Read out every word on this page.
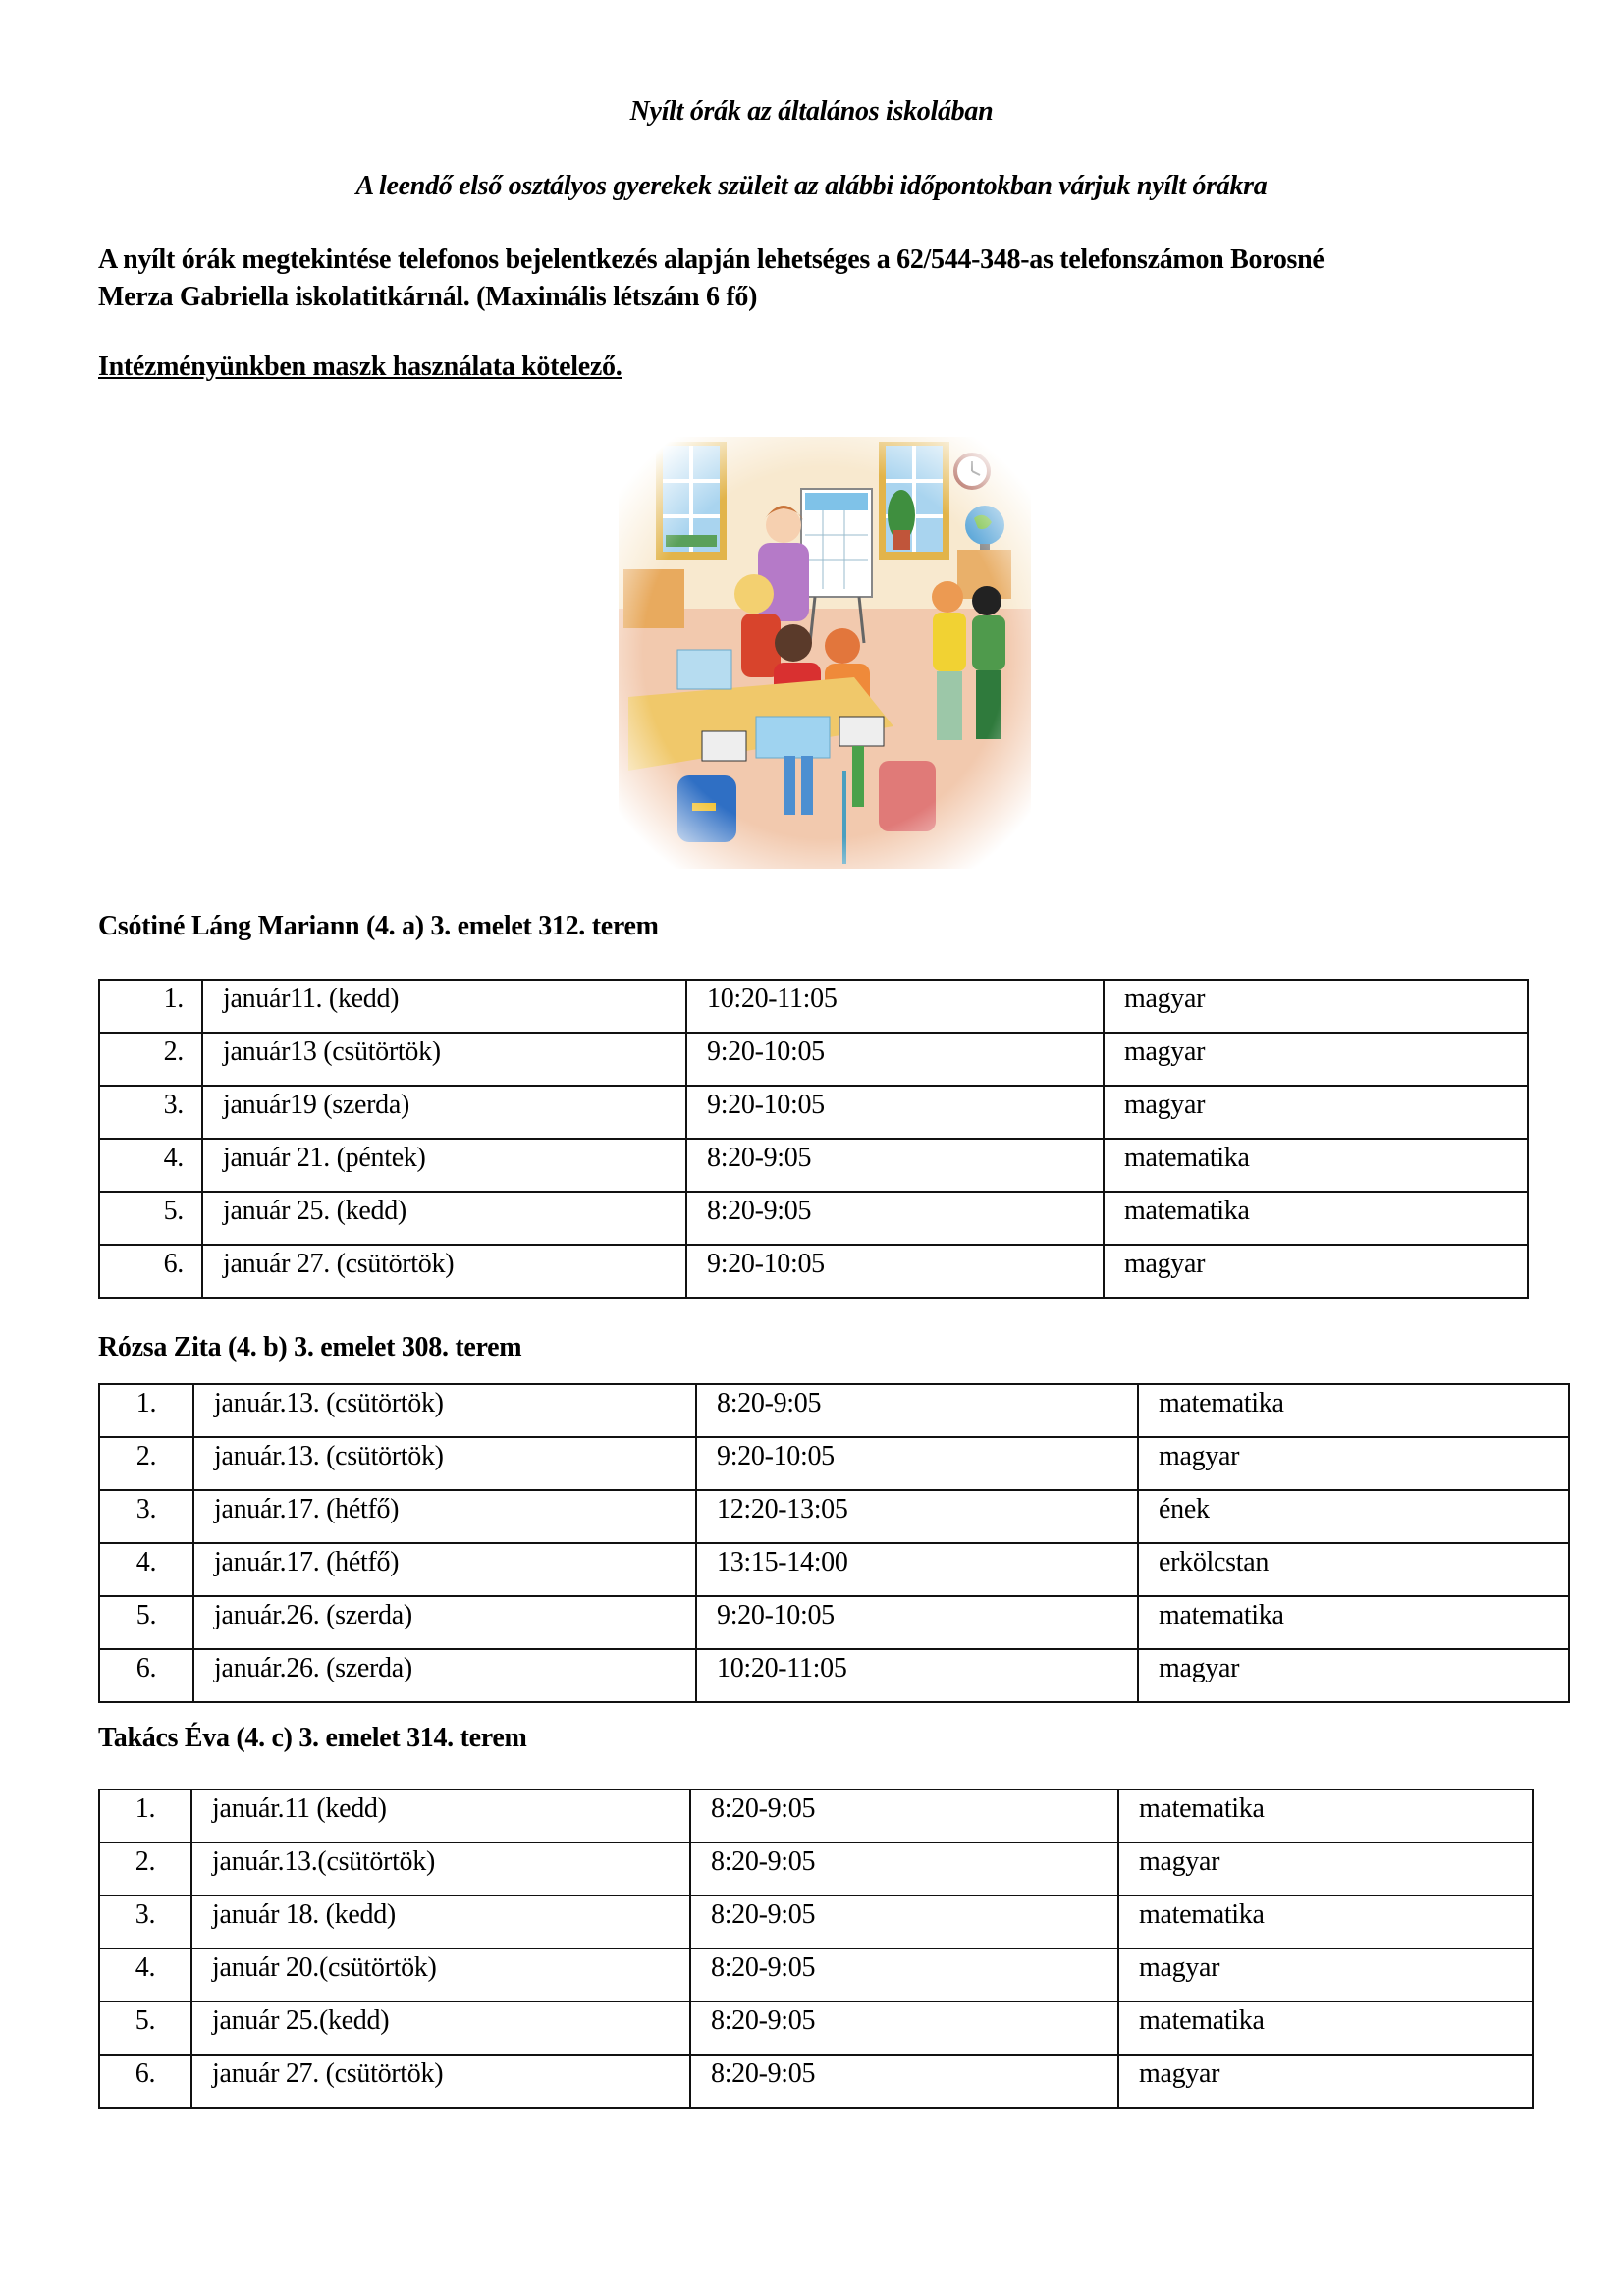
Nyílt órák az általános iskolában
A leendő első osztályos gyerekek szüleit az alábbi időpontokban várjuk nyílt órákra
A nyílt órák megtekintése telefonos bejelentkezés alapján lehetséges a 62/544-348-as telefonszámon Borosné
Merza Gabriella iskolatitkárnál. (Maximális létszám 6 fő)
Intézményünkben maszk használata kötelező.
Csótiné Láng Mariann (4. a) 3. emelet 312. terem
1.	január11. (kedd)	10:20-11:05	magyar
2.	január13 (csütörtök)	9:20-10:05	magyar
3.	január19 (szerda)	9:20-10:05	magyar
4.	január 21. (péntek)	8:20-9:05	matematika
5.	január 25. (kedd)	8:20-9:05	matematika
6.	január 27. (csütörtök)	9:20-10:05	magyar
Rózsa Zita (4. b) 3. emelet 308. terem
1.	január.13. (csütörtök)	8:20-9:05	matematika
2.	január.13. (csütörtök)	9:20-10:05	magyar
3.	január.17. (hétfő)	12:20-13:05	ének
4.	január.17. (hétfő)	13:15-14:00	erkölcstan
5.	január.26. (szerda)	9:20-10:05	matematika
6.	január.26. (szerda)	10:20-11:05	magyar
Takács Éva (4. c) 3. emelet 314. terem
1.	január.11 (kedd)	8:20-9:05	matematika
2.	január.13.(csütörtök)	8:20-9:05	magyar
3.	január 18. (kedd)	8:20-9:05	matematika
4.	január 20.(csütörtök)	8:20-9:05	magyar
5.	január 25.(kedd)	8:20-9:05	matematika
6.	január 27. (csütörtök)	8:20-9:05	magyar
